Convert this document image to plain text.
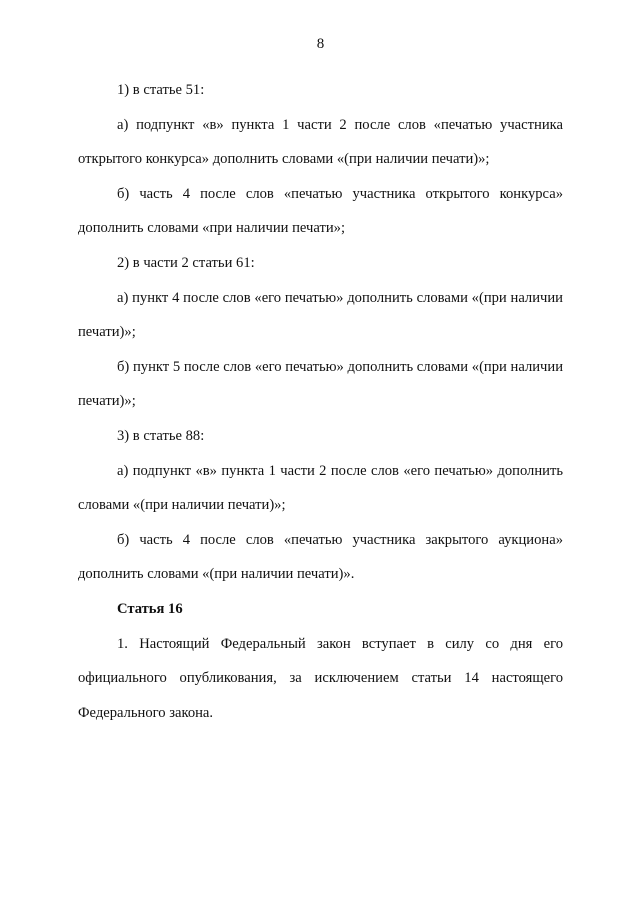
8

1) в статье 51:

а) подпункт «в» пункта 1 части 2 после слов «печатью участника открытого конкурса» дополнить словами «(при наличии печати)»;

б) часть 4 после слов «печатью участника открытого конкурса» дополнить словами «при наличии печати»;

2) в части 2 статьи 61:

а) пункт 4 после слов «его печатью» дополнить словами «(при наличии печати)»;

б) пункт 5 после слов «его печатью» дополнить словами «(при наличии печати)»;

3) в статье 88:

а) подпункт «в» пункта 1 части 2 после слов «его печатью» дополнить словами «(при наличии печати)»;

б) часть 4 после слов «печатью участника закрытого аукциона» дополнить словами «(при наличии печати)».

Статья 16

1. Настоящий Федеральный закон вступает в силу со дня его официального опубликования, за исключением статьи 14 настоящего Федерального закона.
